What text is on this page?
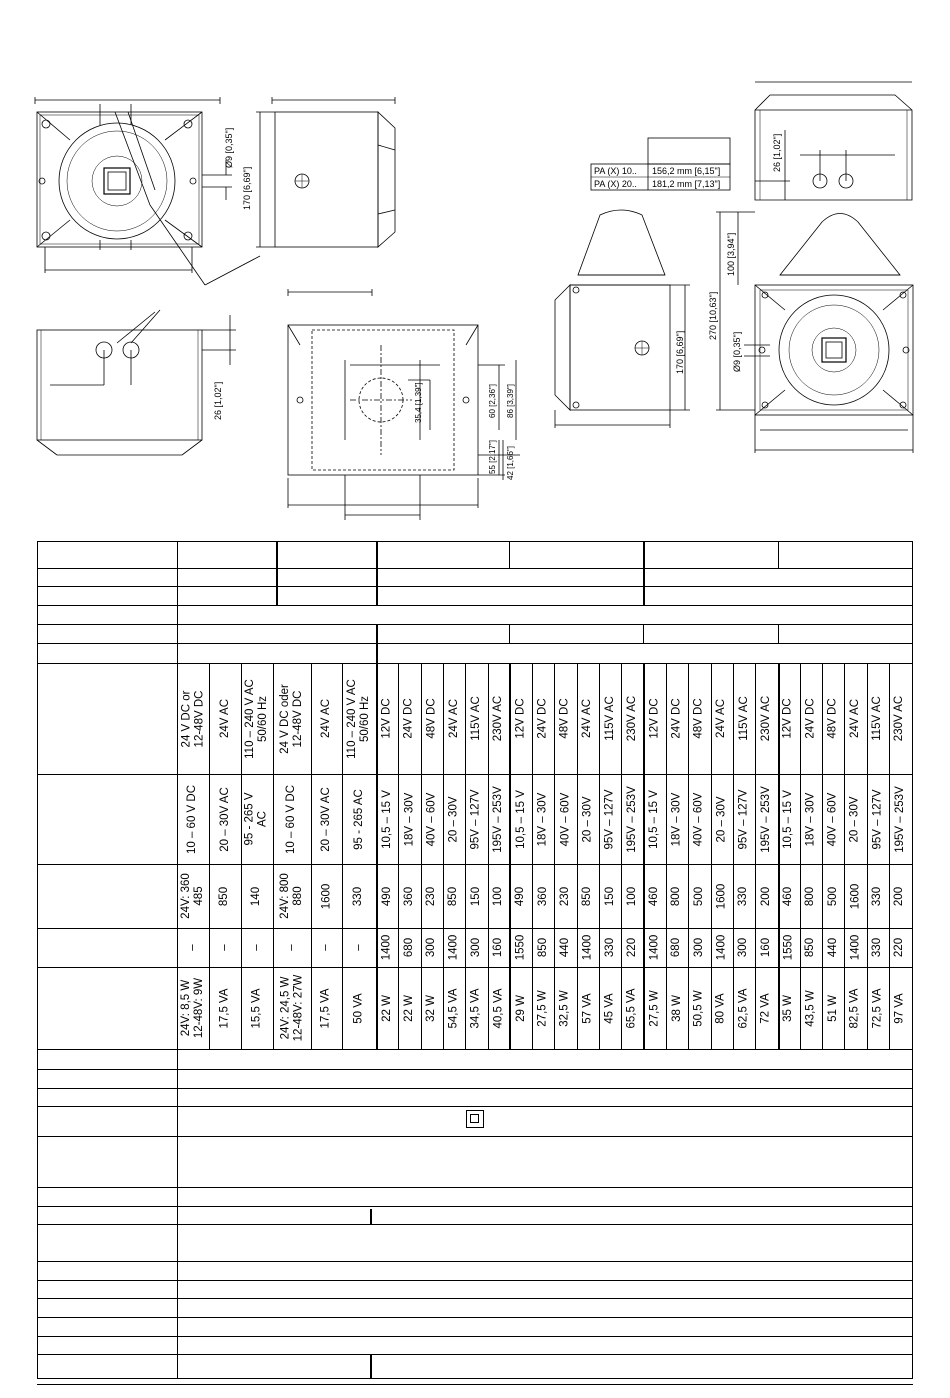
Ø9 [0,35"]
170 [6,69"]
26 [1,02"]	35,4 [1,39"]	60 [2,36"] 86 [3,39"]
55 [2,17"] 42 [1,66"]
170 [6,69"]
270 [10,63"]
100 [3,94"]
Ø9 [0,35"]
26 [1,02"]
PA (X) 10.. 156,2 mm [6,15"]
PA (X) 20.. 181,2 mm [7,13"]
24 V DC or
12-48V DC
10 – 60 V DC
24V: 360
485
–
24V: 8,5 W
12-48V: 9W
24V AC
20 – 30V AC
850
–
17,5 VA
110 – 240 V AC
50/60 Hz
95 - 265 V
AC
140
–
15,5 VA
24 V DC oder
12-48V DC
10 – 60 V DC
24V: 800
880
–
24V: 24,5 W
12-48V: 27W
24V AC
20 – 30V AC
1600
–
17,5 VA
110 – 240 V AC
50/60 Hz
95 - 265 AC
330
–
50 VA
12V DC
10,5 – 15 V
490
1400
22 W
24V DC
18V – 30V
360
680
22 W
48V DC
40V – 60V
230
300
32 W
24V AC
20 – 30V
850
1400
54,5 VA
115V AC
95V – 127V
150
300
34,5 VA
230V AC
195V – 253V
100
160
40,5 VA
12V DC
10,5 – 15 V
490
1550
29 W
24V DC
18V – 30V
360
850
27,5 W
48V DC
40V – 60V
230
440
32,5 W
24V AC
20 – 30V
850
1400
57 VA
115V AC
95V – 127V
150
330
45 VA
230V AC
195V – 253V
100
220
65,5 VA
12V DC
10,5 – 15 V
460
1400
27,5 W
24V DC
18V – 30V
800
680
38 W
48V DC
40V – 60V
500
300
50,5 W
24V AC
20 – 30V
1600
1400
80 VA
115V AC
95V – 127V
330
300
62,5 VA
230V AC
195V – 253V
200
160
72 VA
12V DC
10,5 – 15 V
460
1550
35 W
24V DC
18V – 30V
800
850
43,5 W
48V DC
40V – 60V
500
440
51 W
24V AC
20 – 30V
1600
1400
82,5 VA
115V AC
95V – 127V
330
330
72,5 VA
230V AC
195V – 253V
200
220
97 VA
